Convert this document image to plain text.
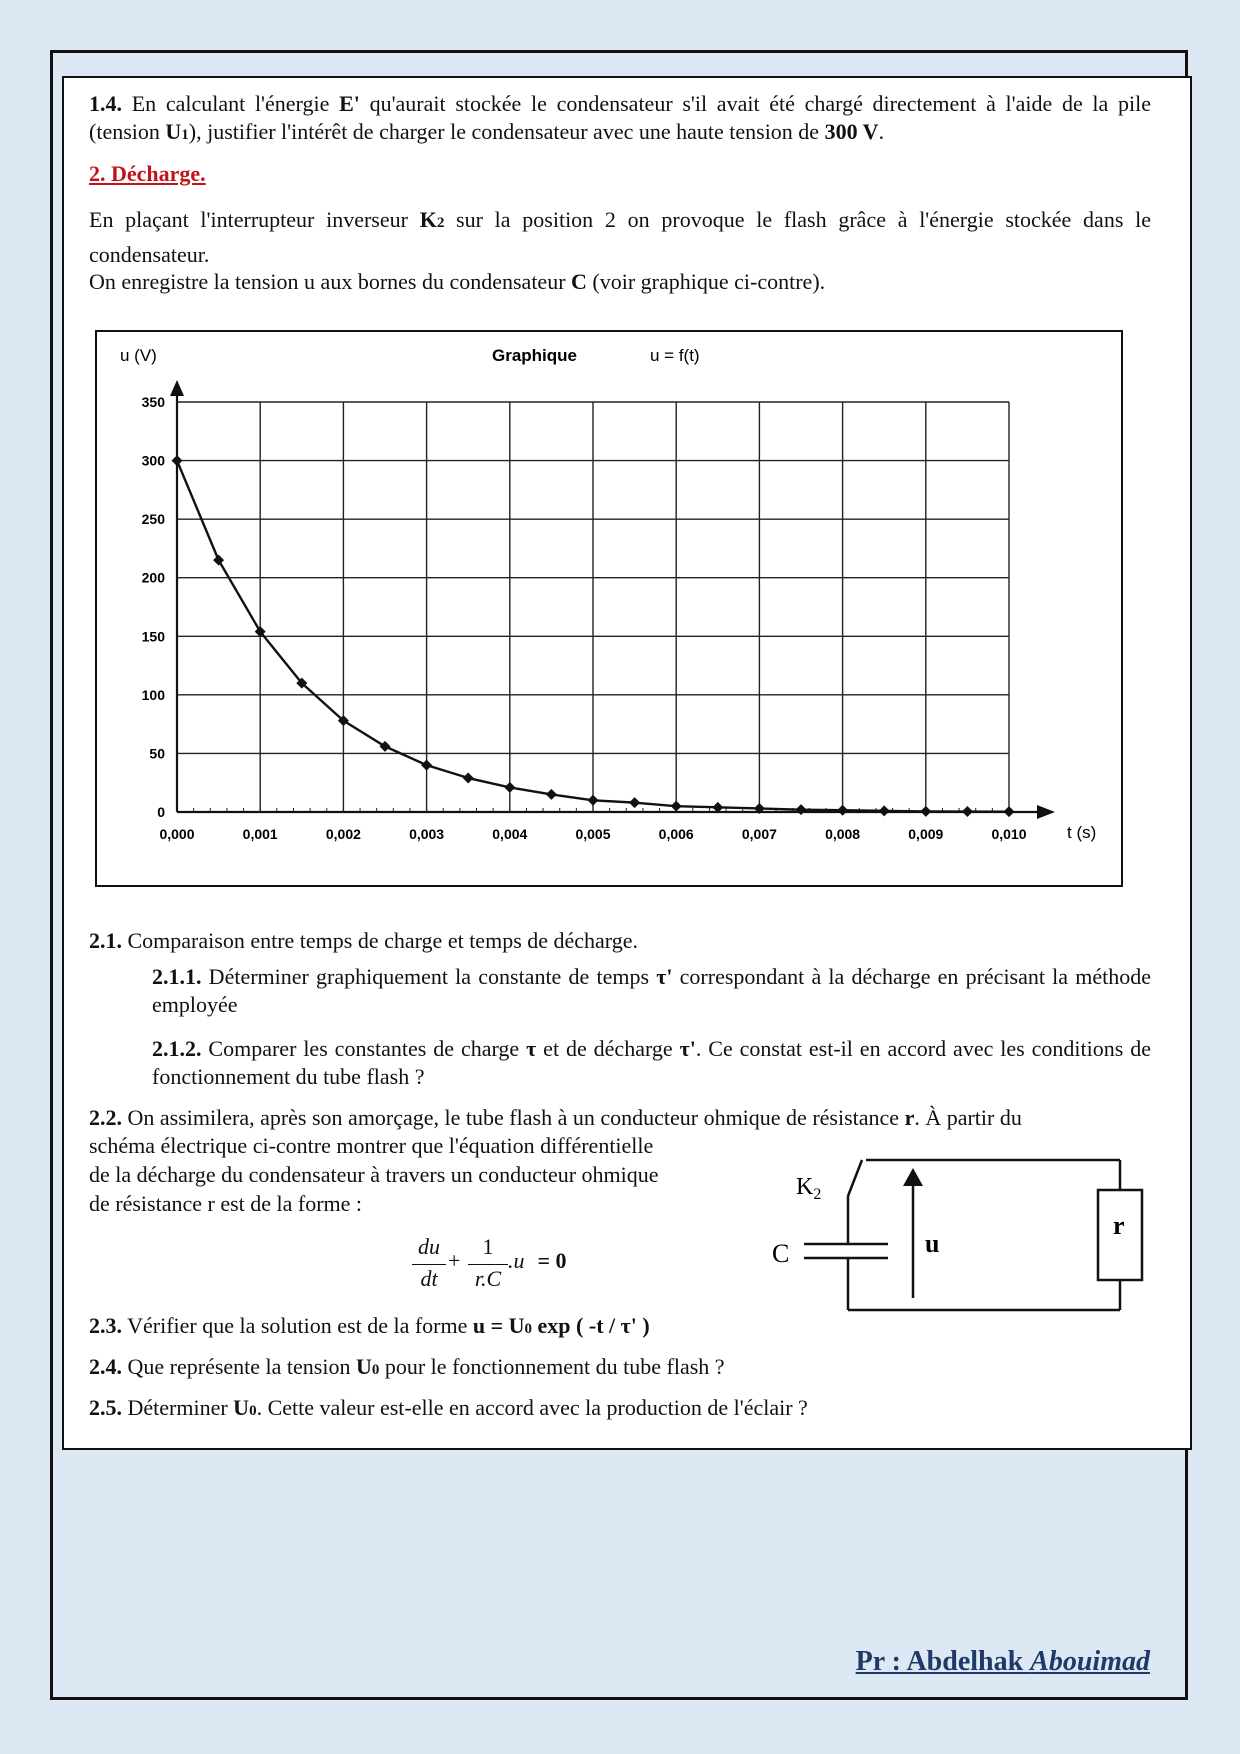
1.4. En calculant l'énergie E' qu'aurait stockée le condensateur s'il avait été chargé directement à l'aide de la pile (tension U1), justifier l'intérêt de charger le condensateur avec une haute tension de 300 V.

2. Décharge.

En plaçant l'interrupteur inverseur K2 sur la position 2 on provoque le flash grâce à l'énergie stockée dans le condensateur.

On enregistre la tension u aux bornes du condensateur C (voir graphique ci-contre).

u (V)	Graphique	u = f(t)
t (s)
0,000	0,001	0,002	0,003	0,004	0,005	0,006	0,007	0,008	0,009	0,010
0
50
100
150
200
250
300
350

2.1. Comparaison entre temps de charge et temps de décharge.

2.1.1. Déterminer graphiquement la constante de temps τ' correspondant à la décharge en précisant la méthode employée

2.1.2. Comparer les constantes de charge τ et de décharge τ'. Ce constat est-il en accord avec les conditions de fonctionnement du tube flash ?

2.2. On assimilera, après son amorçage, le tube flash à un conducteur ohmique de résistance r. À partir du

schéma électrique ci-contre montrer que l'équation différentielle

de la décharge du condensateur à travers un conducteur ohmique

de résistance r est de la forme :

du
dt
+
1
r.C
.u = 0
$K_2$
C	u
r

2.3. Vérifier que la solution est de la forme u = U0 exp ( -t / τ' )

2.4. Que représente la tension U0 pour le fonctionnement du tube flash ?

2.5. Déterminer U0. Cette valeur est-elle en accord avec la production de l'éclair ?

Pr : Abdelhak Abouimad
